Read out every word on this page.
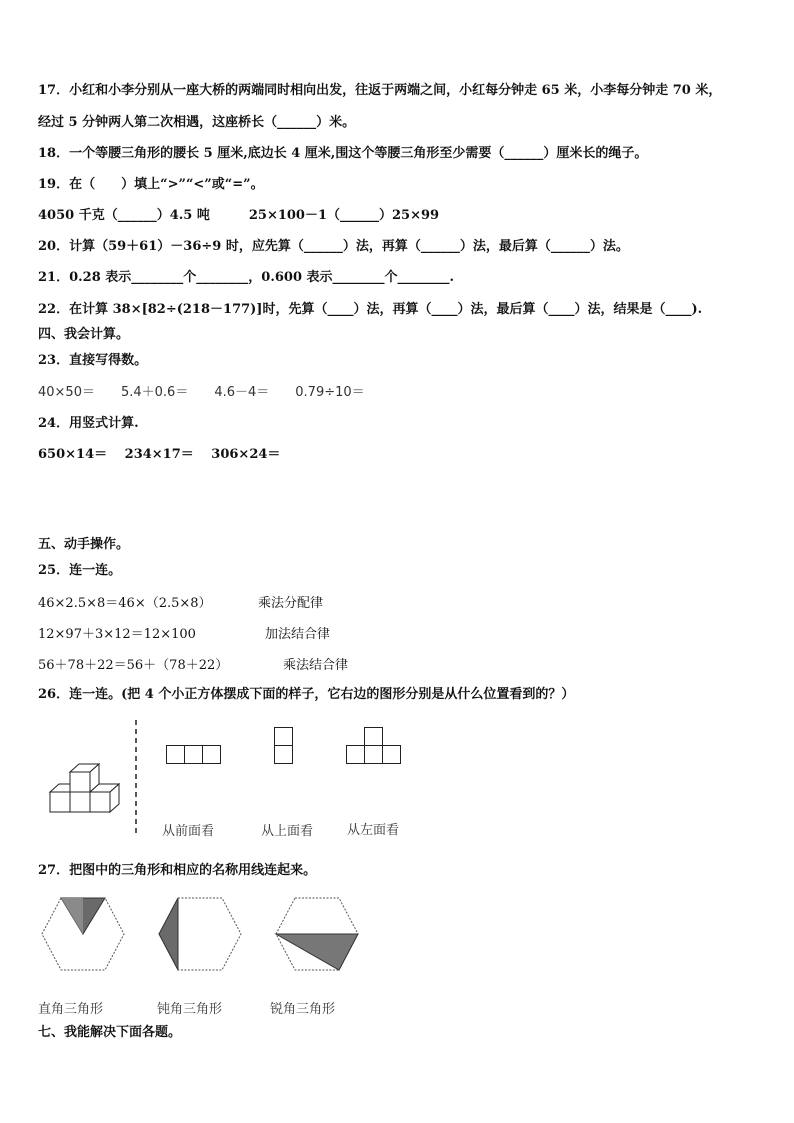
17．小红和小李分别从一座大桥的两端同时相向出发，往返于两端之间，小红每分钟走 65 米，小李每分钟走 70 米，
经过 5 分钟两人第二次相遇，这座桥长（______）米。
18．一个等腰三角形的腰长 5 厘米,底边长 4 厘米,围这个等腰三角形至少需要（______）厘米长的绳子。
19．在（　　）填上“>”“<”或“=”。
4050 千克（______）4.5 吨　　　25×100－1（______）25×99
20．计算（59＋61）－36÷9 时，应先算（______）法，再算（______）法，最后算（______）法。
21．0.28 表示________个________，0.600 表示________个________.
22．在计算 38×[82÷(218－177)]时，先算（____）法，再算（____）法，最后算（____）法，结果是（____).
四、我会计算。
23．直接写得数。
40×50＝　　5.4＋0.6＝　　4.6－4＝　　0.79÷10＝
24．用竖式计算.
650×14＝　 234×17＝　 306×24＝
五、动手操作。
25．连一连。
46×2.5×8＝46×（2.5×8）	乘法分配律
12×97＋3×12＝12×100	加法结合律
56＋78＋22＝56＋（78＋22）	乘法结合律
26．连一连。(把 4 个小正方体摆成下面的样子，它右边的图形分别是从什么位置看到的？）
从前面看	从上面看	从左面看
27．把图中的三角形和相应的名称用线连起来。
直角三角形	钝角三角形	锐角三角形
七、我能解决下面各题。
